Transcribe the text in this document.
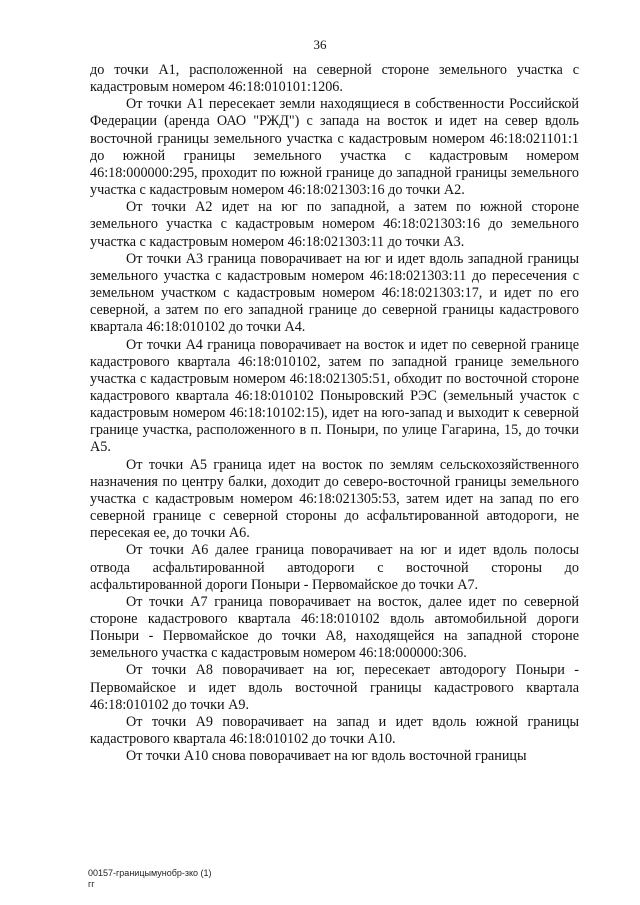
36

до точки А1, расположенной на северной стороне земельного участка с кадастровым номером 46:18:010101:1206.

От точки А1 пересекает земли находящиеся в собственности Российской Федерации (аренда ОАО "РЖД") с запада на восток и идет на север вдоль восточной границы земельного участка с кадастровым номером 46:18:021101:1 до южной границы земельного участка с кадастровым номером 46:18:000000:295, проходит по южной границе до западной границы земельного участка с кадастровым номером 46:18:021303:16 до точки А2.

От точки А2 идет на юг по западной, а затем по южной стороне земельного участка с кадастровым номером 46:18:021303:16 до земельного участка с кадастровым номером 46:18:021303:11 до точки А3.

От точки А3 граница поворачивает на юг и идет вдоль западной границы земельного участка с кадастровым номером 46:18:021303:11 до пересечения с земельном участком с кадастровым номером 46:18:021303:17, и идет по его северной, а затем по его западной границе до северной границы кадастрового квартала 46:18:010102 до точки А4.

От точки А4 граница поворачивает на восток и идет по северной границе кадастрового квартала 46:18:010102, затем по западной границе земельного участка с кадастровым номером 46:18:021305:51, обходит по восточной стороне кадастрового квартала 46:18:010102 Поныровский РЭС (земельный участок с кадастровым номером 46:18:10102:15), идет на юго-запад и выходит к северной границе участка, расположенного в п. Поныри, по улице Гагарина, 15, до точки А5.

От точки А5 граница идет на восток по землям сельскохозяйственного назначения по центру балки, доходит до северо-восточной границы земельного участка с кадастровым номером 46:18:021305:53, затем идет на запад по его северной границе с северной стороны до асфальтированной автодороги, не пересекая ее, до точки А6.

От точки А6 далее граница поворачивает на юг и идет вдоль полосы отвода асфальтированной автодороги с восточной стороны до асфальтированной дороги Поныри - Первомайское до точки А7.

От точки А7 граница поворачивает на восток, далее идет по северной стороне кадастрового квартала 46:18:010102 вдоль автомобильной дороги Поныри - Первомайское до точки А8, находящейся на западной стороне земельного участка с кадастровым номером 46:18:000000:306.

От точки А8 поворачивает на юг, пересекает автодорогу Поныри - Первомайское и идет вдоль восточной границы кадастрового квартала 46:18:010102 до точки А9.

От точки А9 поворачивает на запад и идет вдоль южной границы кадастрового квартала 46:18:010102 до точки А10.

От точки А10 снова поворачивает на юг вдоль восточной границы

00157-границымунобр-зко (1)
гг
